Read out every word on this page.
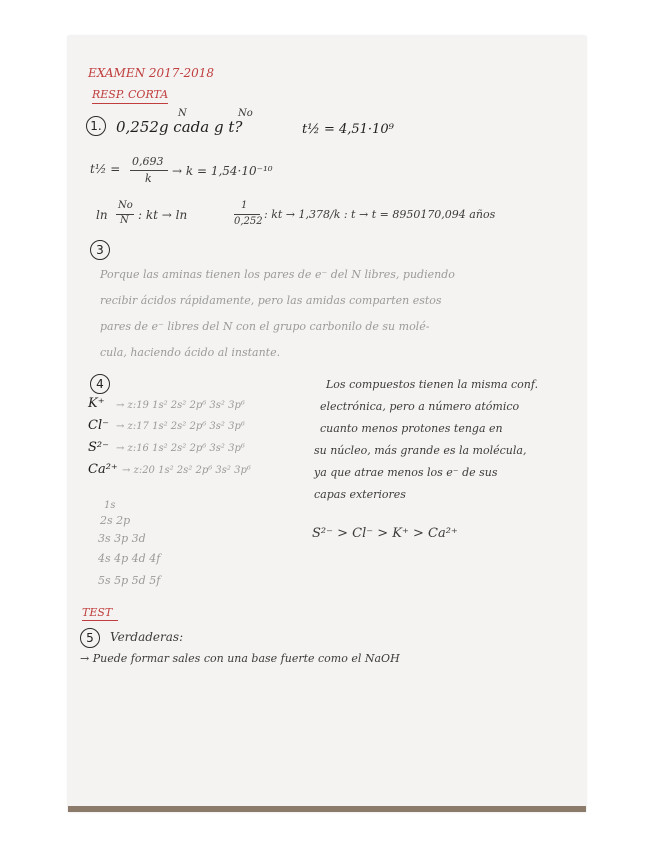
EXAMEN 2017-2018
RESP. CORTA
1. 0,252g cada g t?
N	No
t½ = 4,51·10⁹
t½ =
0,693
k
→ k = 1,54·10⁻¹⁰
ln
No
N : kt → ln
1
0,252
: kt → 1,378/k : t → t = 8950170,094 años
3
Porque las aminas tienen los pares de e⁻ del N libres, pudiendo
recibir ácidos rápidamente, pero las amidas comparten estos
pares de e⁻ libres del N con el grupo carbonilo de su molé-
cula, haciendo ácido al instante.
4
K⁺ → z:19 1s² 2s² 2p⁶ 3s² 3p⁶
Cl⁻ → z:17 1s² 2s² 2p⁶ 3s² 3p⁶
S²⁻ → z:16 1s² 2s² 2p⁶ 3s² 3p⁶
Ca²⁺ → z:20 1s² 2s² 2p⁶ 3s² 3p⁶
Los compuestos tienen la misma conf.
electrónica, pero a número atómico
cuanto menos protones tenga en
su núcleo, más grande es la molécula,
ya que atrae menos los e⁻ de sus
capas exteriores
1s
2s 2p
3s 3p 3d
4s 4p 4d 4f
5s 5p 5d 5f
S²⁻ > Cl⁻ > K⁺ > Ca²⁺
TEST
5	Verdaderas:
→ Puede formar sales con una base fuerte como el NaOH
